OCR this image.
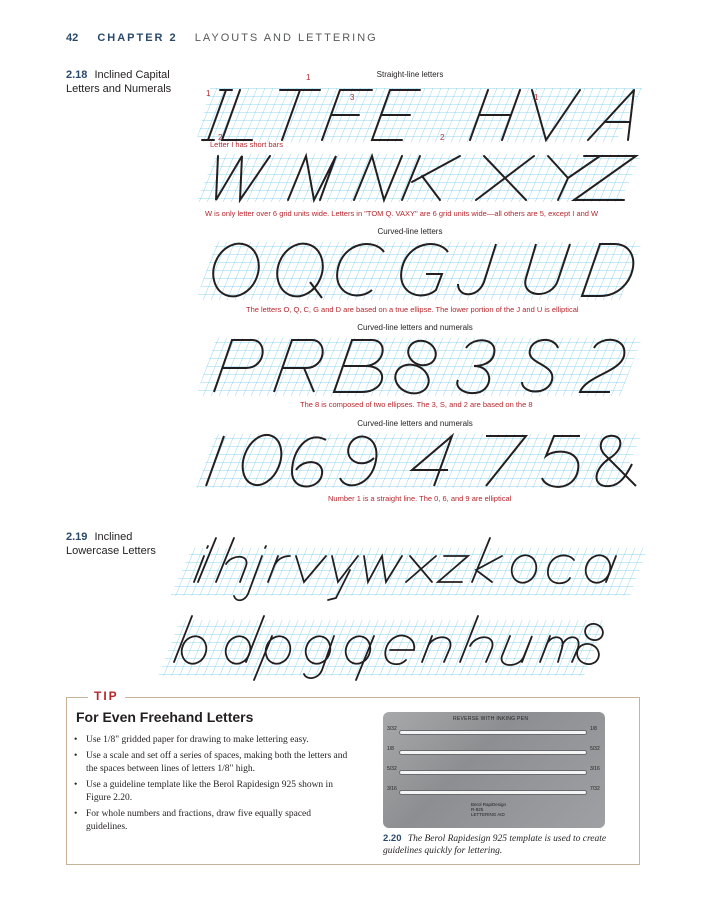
42 CHAPTER 2 LAYOUTS AND LETTERING
2.18 Inclined Capital Letters and Numerals
Straight-line letters
1
1
3
2	2
1
Letter I has short bars
W is only letter over 6 grid units wide. Letters in "TOM Q. VAXY" are 6 grid units wide—all others are 5, except I and W
Curved-line letters
The letters O, Q, C, G and D are based on a true ellipse. The lower portion of the J and U is elliptical
Curved-line letters and numerals
The 8 is composed of two ellipses. The 3, S, and 2 are based on the 8
Curved-line letters and numerals
Number 1 is a straight line. The 0, 6, and 9 are elliptical
2.19 Inclined Lowercase Letters
TIP
For Even Freehand Letters
• Use 1/8" gridded paper for drawing to make lettering easy.
• Use a scale and set off a series of spaces, making both the letters and the spaces between lines of letters 1/8" high.
• Use a guideline template like the Berol Rapidesign 925 shown in Figure 2.20.
• For whole numbers and fractions, draw five equally spaced guidelines.
REVERSE WITH INKING PEN
3/32
1/8
5/32
3/16
1/8
5/32
3/16
7/32
Berol RapiDesign
R-925
LETTERING AID
2.20 The Berol Rapidesign 925 template is used to create guidelines quickly for lettering.
